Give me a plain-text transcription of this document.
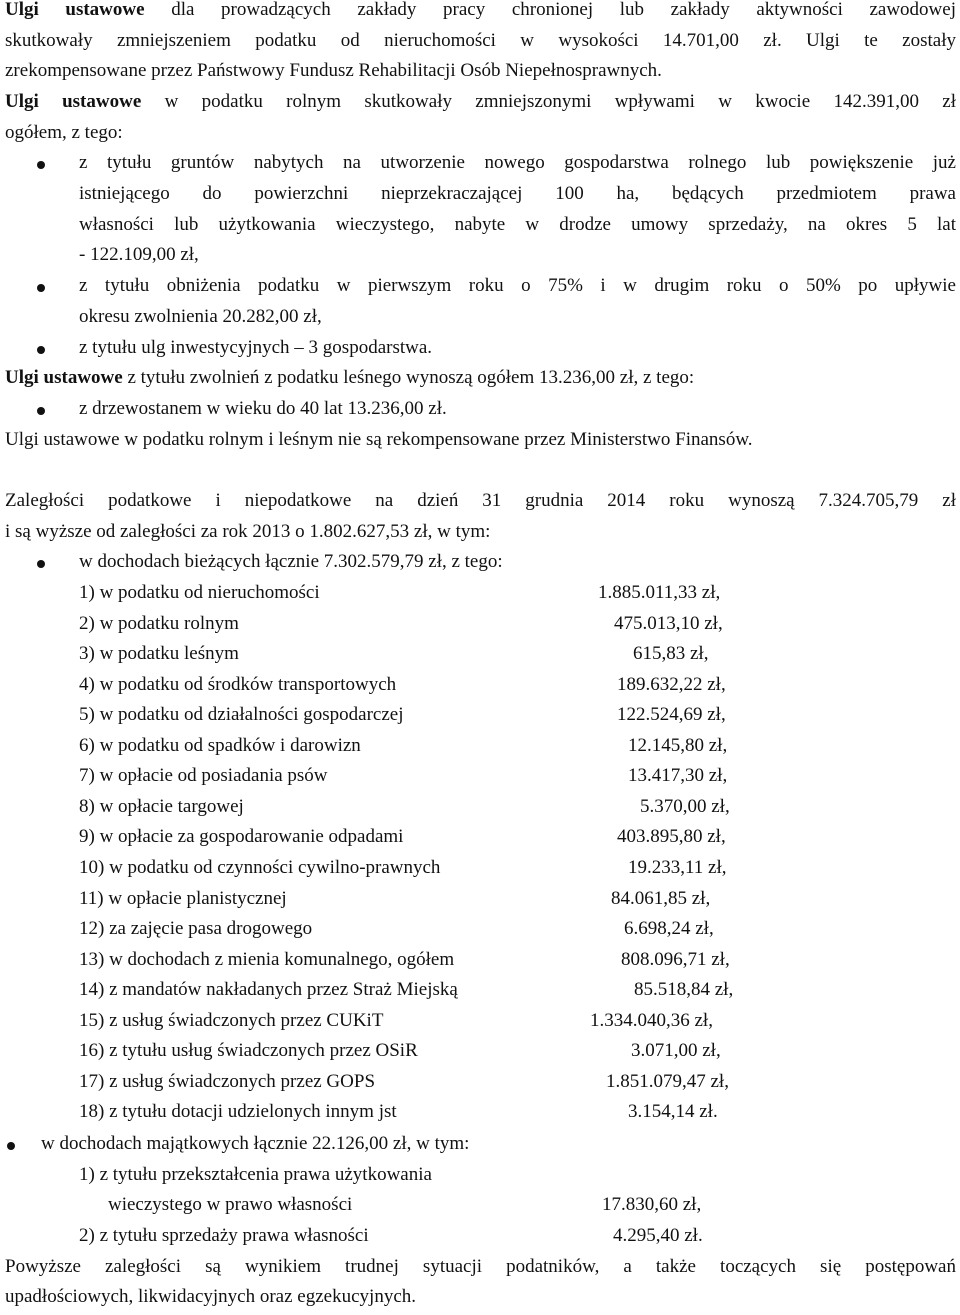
Ulgi ustawowe dla prowadzących zakłady pracy chronionej lub zakłady aktywności zawodowej
skutkowały zmniejszeniem podatku od nieruchomości w wysokości 14.701,00 zł. Ulgi te zostały
zrekompensowane przez Państwowy Fundusz Rehabilitacji Osób Niepełnosprawnych.
Ulgi ustawowe w podatku rolnym skutkowały zmniejszonymi wpływami w kwocie 142.391,00 zł
ogółem, z tego:
z tytułu gruntów nabytych na utworzenie nowego gospodarstwa rolnego lub powiększenie już
istniejącego do powierzchni nieprzekraczającej 100 ha, będących przedmiotem prawa
własności lub użytkowania wieczystego, nabyte w drodze umowy sprzedaży, na okres 5 lat
- 122.109,00 zł,
z tytułu obniżenia podatku w pierwszym roku o 75% i w drugim roku o 50% po upływie
okresu zwolnienia 20.282,00 zł,
z tytułu ulg inwestycyjnych – 3 gospodarstwa.
Ulgi ustawowe z tytułu zwolnień z podatku leśnego wynoszą ogółem 13.236,00 zł, z tego:
z drzewostanem w wieku do 40 lat 13.236,00 zł.
Ulgi ustawowe w podatku rolnym i leśnym nie są rekompensowane przez Ministerstwo Finansów.
Zaległości podatkowe i niepodatkowe na dzień 31 grudnia 2014 roku wynoszą 7.324.705,79 zł
i są wyższe od zaległości za rok 2013 o 1.802.627,53 zł, w tym:
w dochodach bieżących łącznie 7.302.579,79 zł, z tego:
1) w podatku od nieruchomości	1.885.011,33 zł,
2) w podatku rolnym	475.013,10 zł,
3) w podatku leśnym	615,83 zł,
4) w podatku od środków transportowych	189.632,22 zł,
5) w podatku od działalności gospodarczej	122.524,69 zł,
6) w podatku od spadków i darowizn	12.145,80 zł,
7) w opłacie od posiadania psów	13.417,30 zł,
8) w opłacie targowej	5.370,00 zł,
9) w opłacie za gospodarowanie odpadami	403.895,80 zł,
10) w podatku od czynności cywilno-prawnych	19.233,11 zł,
11) w opłacie planistycznej	84.061,85 zł,
12) za zajęcie pasa drogowego	6.698,24 zł,
13) w dochodach z mienia komunalnego, ogółem	808.096,71 zł,
14) z mandatów nakładanych przez Straż Miejską	85.518,84 zł,
15) z usług świadczonych przez CUKiT	1.334.040,36 zł,
16) z tytułu usług świadczonych przez OSiR	3.071,00 zł,
17) z usług świadczonych przez GOPS	1.851.079,47 zł,
18) z tytułu dotacji udzielonych innym jst	3.154,14 zł.
w dochodach majątkowych łącznie 22.126,00 zł, w tym:
1) z tytułu przekształcenia prawa użytkowania
wieczystego w prawo własności	17.830,60 zł,
2) z tytułu sprzedaży prawa własności	4.295,40 zł.
Powyższe zaległości są wynikiem trudnej sytuacji podatników, a także toczących się postępowań
upadłościowych, likwidacyjnych oraz egzekucyjnych.
